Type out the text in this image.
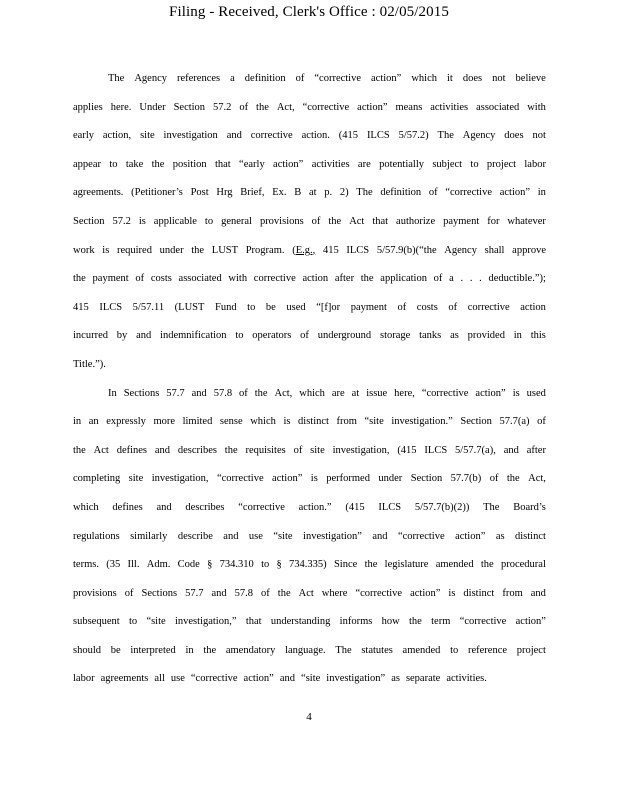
Filing - Received, Clerk's Office : 02/05/2015
The Agency references a definition of “corrective action” which it does not believe
applies here. Under Section 57.2 of the Act, “corrective action” means activities associated with
early action, site investigation and corrective action. (415 ILCS 5/57.2) The Agency does not
appear to take the position that “early action” activities are potentially subject to project labor
agreements. (Petitioner’s Post Hrg Brief, Ex. B at p. 2) The definition of “corrective action” in
Section 57.2 is applicable to general provisions of the Act that authorize payment for whatever
work is required under the LUST Program. (E.g., 415 ILCS 5/57.9(b)(“the Agency shall approve
the payment of costs associated with corrective action after the application of a . . . deductible.”);
415 ILCS 5/57.11 (LUST Fund to be used “[f]or payment of costs of corrective action
incurred by and indemnification to operators of underground storage tanks as provided in this
Title.”).
In Sections 57.7 and 57.8 of the Act, which are at issue here, “corrective action” is used
in an expressly more limited sense which is distinct from “site investigation.” Section 57.7(a) of
the Act defines and describes the requisites of site investigation, (415 ILCS 5/57.7(a), and after
completing site investigation, “corrective action” is performed under Section 57.7(b) of the Act,
which defines and describes “corrective action.” (415 ILCS 5/57.7(b)(2)) The Board’s
regulations similarly describe and use “site investigation” and “corrective action” as distinct
terms. (35 Ill. Adm. Code § 734.310 to § 734.335) Since the legislature amended the procedural
provisions of Sections 57.7 and 57.8 of the Act where “corrective action” is distinct from and
subsequent to “site investigation,” that understanding informs how the term “corrective action”
should be interpreted in the amendatory language. The statutes amended to reference project
labor agreements all use “corrective action” and “site investigation” as separate activities.
4
